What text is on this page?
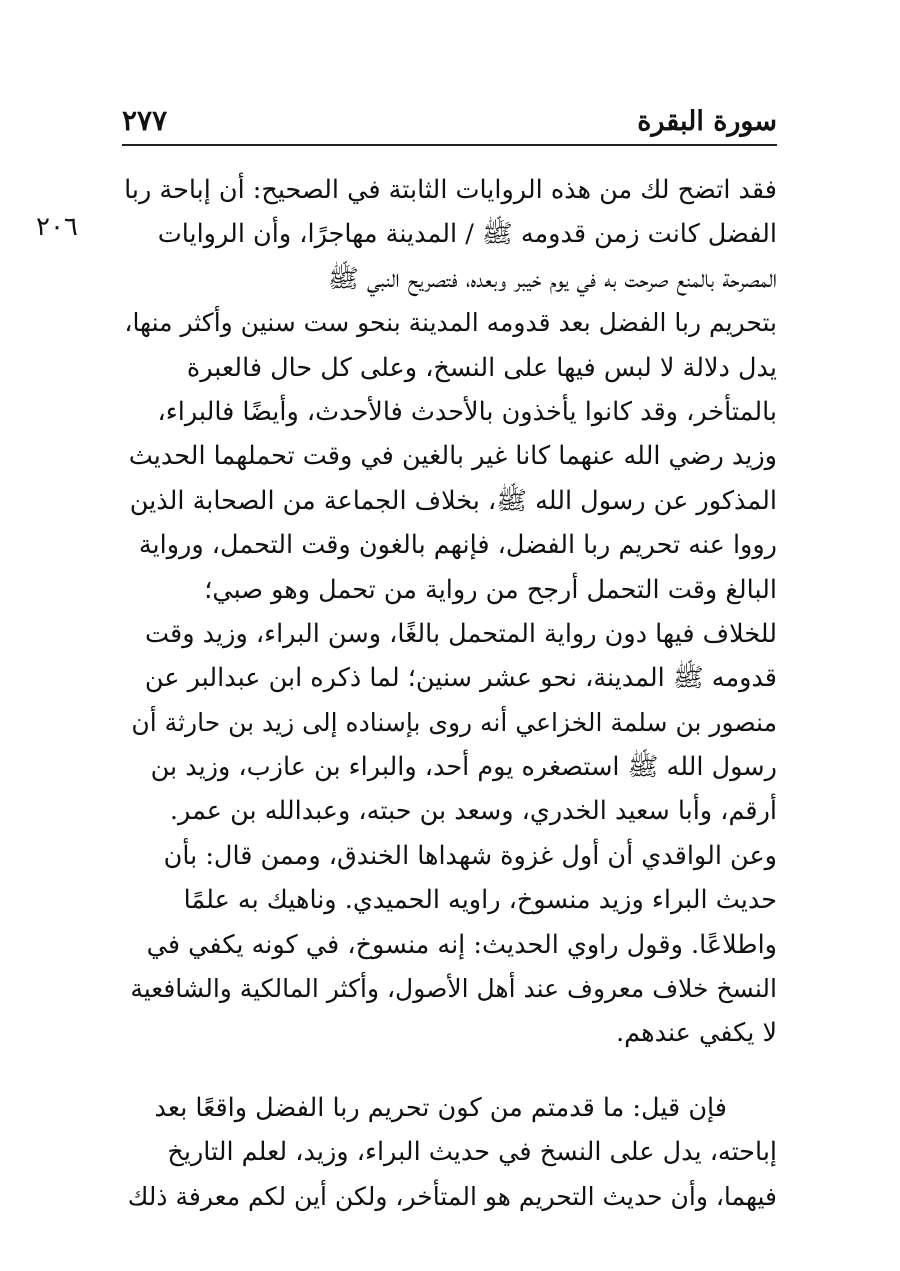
سورة البقرة
٢٧٧
٢٠٦
فقد اتضح لك من هذه الروايات الثابتة في الصحيح: أن إباحة ربا
الفضل كانت زمن قدومه ﷺ / المدينة مهاجرًا، وأن الروايات
المصرحة بالمنع صرحت به في يوم خيبر وبعده، فتصريح النبي ﷺ
بتحريم ربا الفضل بعد قدومه المدينة بنحو ست سنين وأكثر منها،
يدل دلالة لا لبس فيها على النسخ، وعلى كل حال فالعبرة
بالمتأخر، وقد كانوا يأخذون بالأحدث فالأحدث، وأيضًا فالبراء،
وزيد رضي الله عنهما كانا غير بالغين في وقت تحملهما الحديث
المذكور عن رسول الله ﷺ، بخلاف الجماعة من الصحابة الذين
رووا عنه تحريم ربا الفضل، فإنهم بالغون وقت التحمل، ورواية
البالغ وقت التحمل أرجح من رواية من تحمل وهو صبي؛
للخلاف فيها دون رواية المتحمل بالغًا، وسن البراء، وزيد وقت
قدومه ﷺ المدينة، نحو عشر سنين؛ لما ذكره ابن عبدالبر عن
منصور بن سلمة الخزاعي أنه روى بإسناده إلى زيد بن حارثة أن
رسول الله ﷺ استصغره يوم أحد، والبراء بن عازب، وزيد بن
أرقم، وأبا سعيد الخدري، وسعد بن حبته، وعبدالله بن عمر.
وعن الواقدي أن أول غزوة شهداها الخندق، وممن قال: بأن
حديث البراء وزيد منسوخ، راويه الحميدي. وناهيك به علمًا
واطلاعًا. وقول راوي الحديث: إنه منسوخ، في كونه يكفي في
النسخ خلاف معروف عند أهل الأصول، وأكثر المالكية والشافعية
لا يكفي عندهم.
فإن قيل: ما قدمتم من كون تحريم ربا الفضل واقعًا بعد
إباحته، يدل على النسخ في حديث البراء، وزيد، لعلم التاريخ
فيهما، وأن حديث التحريم هو المتأخر، ولكن أين لكم معرفة ذلك
